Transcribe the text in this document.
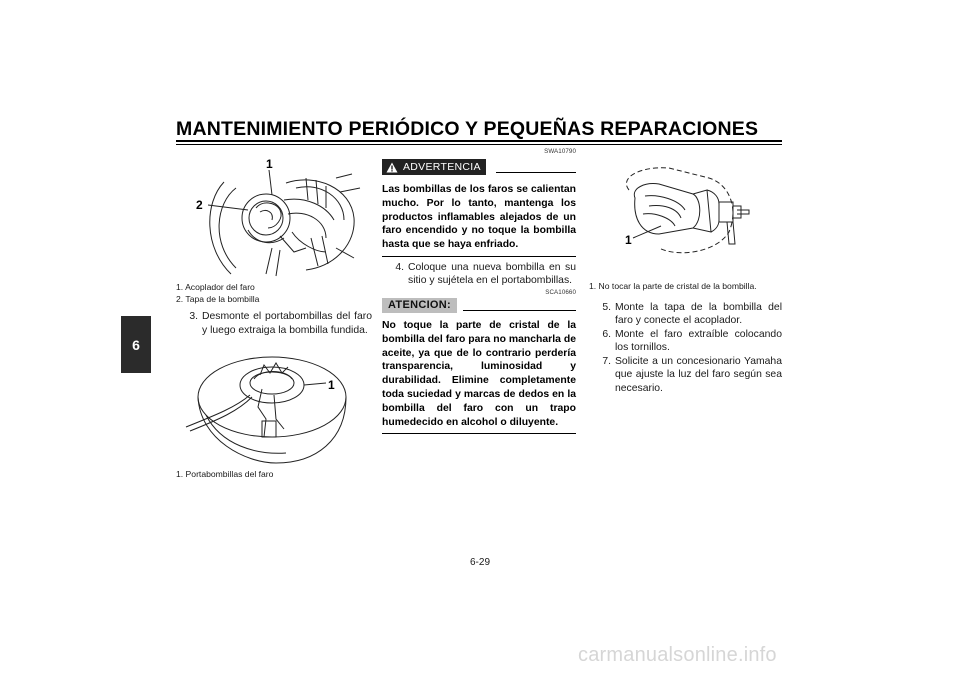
MANTENIMIENTO PERIÓDICO Y PEQUEÑAS REPARACIONES
6
1
2
1. Acoplador del faro
2. Tapa de la bombilla
3. Desmonte el portabombillas del faro y luego extraiga la bombilla fundida.
1
1. Portabombillas del faro
SWA10790
ADVERTENCIA
Las bombillas de los faros se calientan mucho. Por lo tanto, mantenga los productos inflamables alejados de un faro encendido y no toque la bombilla hasta que se haya enfriado.
4. Coloque una nueva bombilla en su sitio y sujétela en el portabombillas.
SCA10660
ATENCION:
No toque la parte de cristal de la bombilla del faro para no mancharla de aceite, ya que de lo contrario perdería transparencia, luminosidad y durabilidad. Elimine completamente toda suciedad y marcas de dedos en la bombilla del faro con un trapo humedecido en alcohol o diluyente.
1
1. No tocar la parte de cristal de la bombilla.
5. Monte la tapa de la bombilla del faro y conecte el acoplador.
6. Monte el faro extraíble colocando los tornillos.
7. Solicite a un concesionario Yamaha que ajuste la luz del faro según sea necesario.
6-29
carmanualsonline.info
